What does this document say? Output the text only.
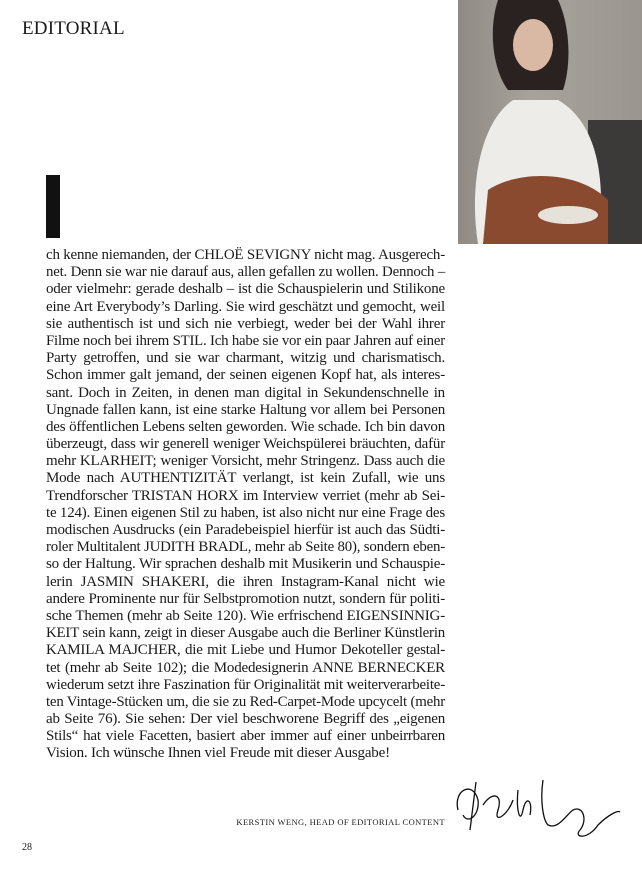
EDITORIAL
ch kenne niemanden, der CHLOË SEVIGNY nicht mag. Ausgerech-
net. Denn sie war nie darauf aus, allen gefallen zu wollen. Dennoch –
oder vielmehr: gerade deshalb – ist die Schauspielerin und Stilikone
eine Art Everybody’s Darling. Sie wird geschätzt und gemocht, weil
sie authentisch ist und sich nie verbiegt, weder bei der Wahl ihrer
Filme noch bei ihrem STIL. Ich habe sie vor ein paar Jahren auf einer
Party getroffen, und sie war charmant, witzig und charismatisch.
Schon immer galt jemand, der seinen eigenen Kopf hat, als interes-
sant. Doch in Zeiten, in denen man digital in Sekundenschnelle in
Ungnade fallen kann, ist eine starke Haltung vor allem bei Personen
des öffentlichen Lebens selten geworden. Wie schade. Ich bin davon
überzeugt, dass wir generell weniger Weichspülerei bräuchten, dafür
mehr KLARHEIT; weniger Vorsicht, mehr Stringenz. Dass auch die
Mode nach AUTHENTIZITÄT verlangt, ist kein Zufall, wie uns
Trendforscher TRISTAN HORX im Interview verriet (mehr ab Sei-
te 124). Einen eigenen Stil zu haben, ist also nicht nur eine Frage des
modischen Ausdrucks (ein Paradebeispiel hierfür ist auch das Südti-
roler Multitalent JUDITH BRADL, mehr ab Seite 80), sondern eben-
so der Haltung. Wir sprachen deshalb mit Musikerin und Schauspie-
lerin JASMIN SHAKERI, die ihren Instagram-Kanal nicht wie
andere Prominente nur für Selbstpromotion nutzt, sondern für politi-
sche Themen (mehr ab Seite 120). Wie erfrischend EIGENSINNIG-
KEIT sein kann, zeigt in dieser Ausgabe auch die Berliner Künstlerin
KAMILA MAJCHER, die mit Liebe und Humor Dekoteller gestal-
tet (mehr ab Seite 102); die Modedesignerin ANNE BERNECKER
wiederum setzt ihre Faszination für Originalität mit weiterverarbeite-
ten Vintage-Stücken um, die sie zu Red-Carpet-Mode upcycelt (mehr
ab Seite 76). Sie sehen: Der viel beschworene Begriff des „eigenen
Stils“ hat viele Facetten, basiert aber immer auf einer unbeirrbaren
Vision. Ich wünsche Ihnen viel Freude mit dieser Ausgabe!
KERSTIN WENG, HEAD OF EDITORIAL CONTENT
28
